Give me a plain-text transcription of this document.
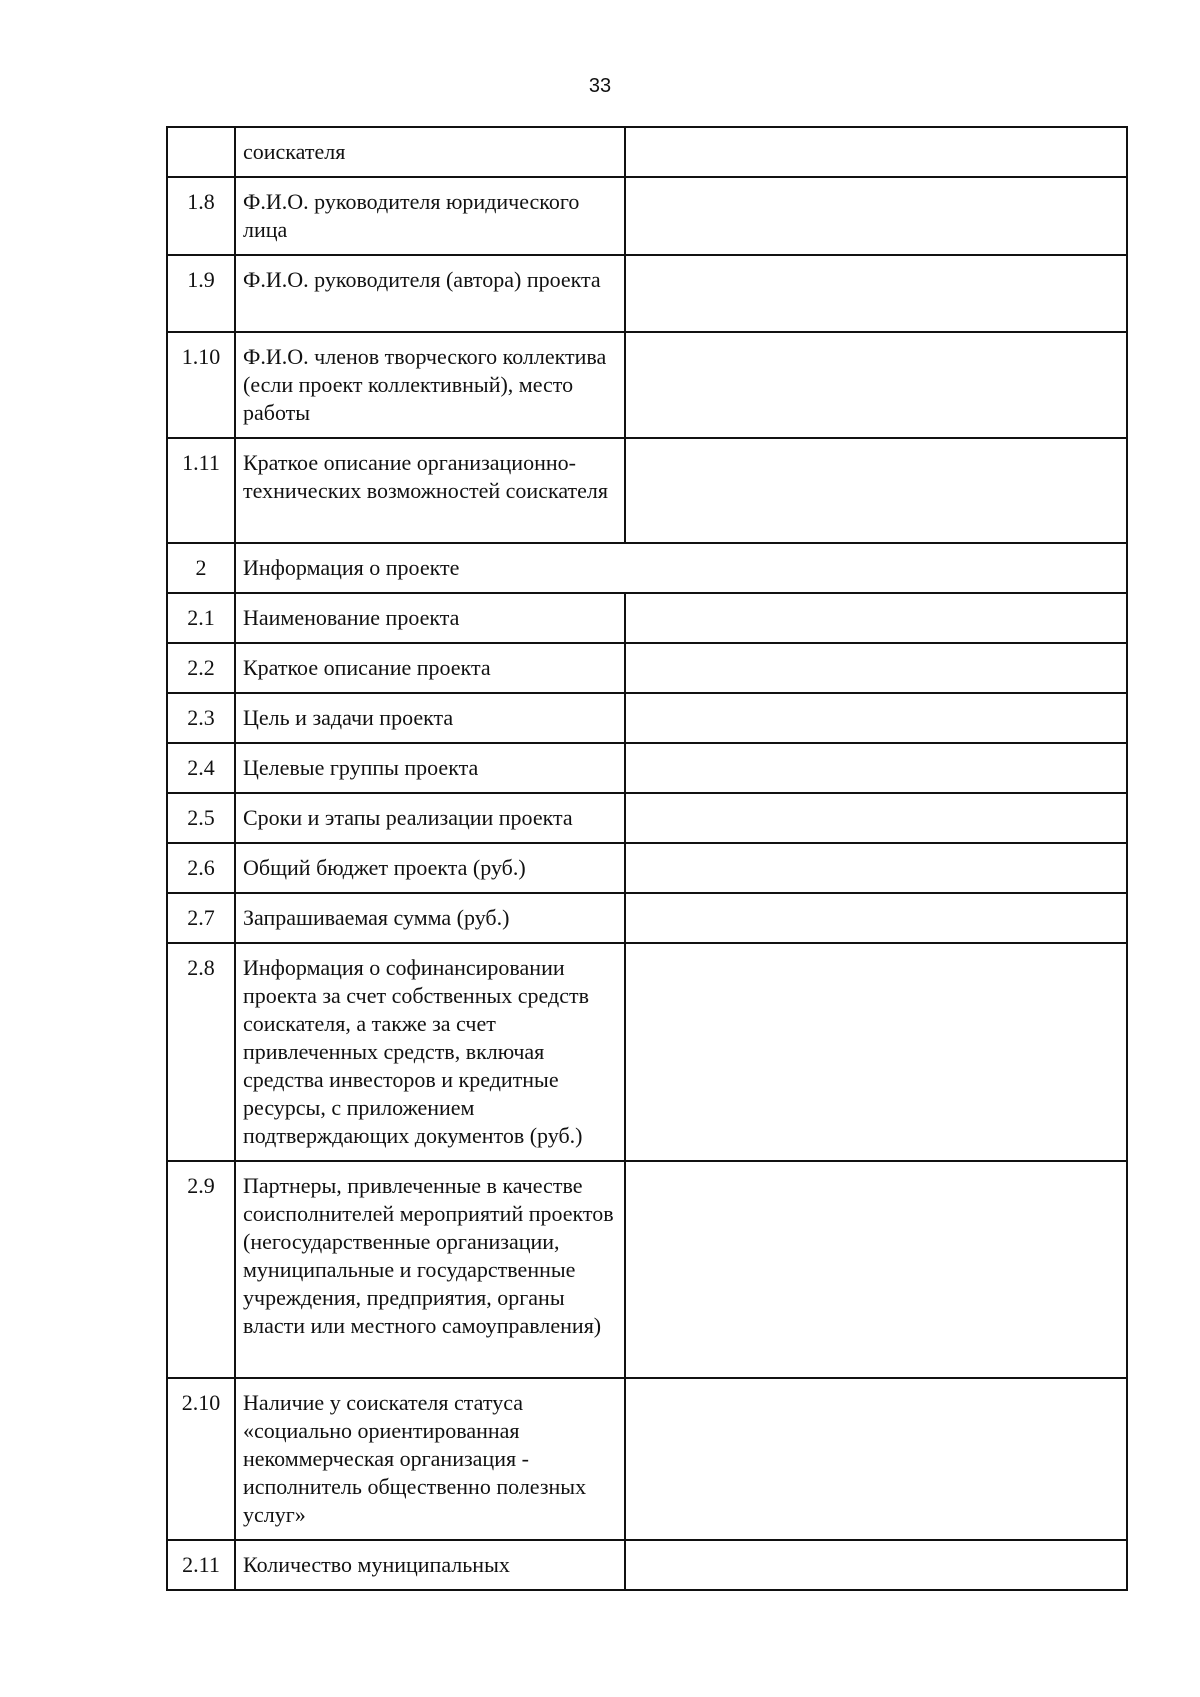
33
	соискателя	
1.8	Ф.И.О. руководителя юридического лица	
1.9	Ф.И.О. руководителя (автора) проекта	
1.10	Ф.И.О. членов творческого коллектива (если проект коллективный), место работы	
1.11	Краткое описание организационно-технических возможностей соискателя	
2	Информация о проекте	
2.1	Наименование проекта	
2.2	Краткое описание проекта	
2.3	Цель и задачи проекта	
2.4	Целевые группы проекта	
2.5	Сроки и этапы реализации проекта	
2.6	Общий бюджет проекта (руб.)	
2.7	Запрашиваемая сумма (руб.)	
2.8	Информация о софинансировании проекта за счет собственных средств соискателя, а также за счет привлеченных средств, включая средства инвесторов и кредитные ресурсы, с приложением подтверждающих документов (руб.)	
2.9	Партнеры, привлеченные в качестве соисполнителей мероприятий проектов (негосударственные организации, муниципальные и государственные учреждения, предприятия, органы власти или местного самоуправления)	
2.10	Наличие у соискателя статуса «социально ориентированная некоммерческая организация - исполнитель общественно полезных услуг»	
2.11	Количество муниципальных	
